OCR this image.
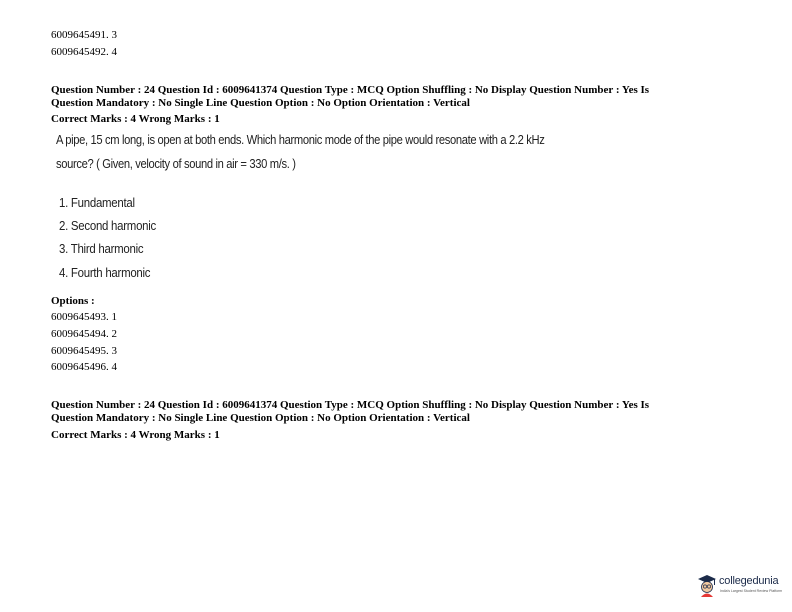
6009645491. 3
6009645492. 4
Question Number : 24 Question Id : 6009641374 Question Type : MCQ Option Shuffling : No Display Question Number : Yes Is
Question Mandatory : No Single Line Question Option : No Option Orientation : Vertical
Correct Marks : 4 Wrong Marks : 1
A pipe, 15 cm long, is open at both ends. Which harmonic mode of the pipe would resonate with a 2.2 kHz
source? ( Given, velocity of sound in air = 330 m/s. )
1. Fundamental
2. Second harmonic
3. Third harmonic
4. Fourth harmonic
Options :
6009645493. 1
6009645494. 2
6009645495. 3
6009645496. 4
Question Number : 24 Question Id : 6009641374 Question Type : MCQ Option Shuffling : No Display Question Number : Yes Is
Question Mandatory : No Single Line Question Option : No Option Orientation : Vertical
Correct Marks : 4 Wrong Marks : 1
collegedunia
India's Largest Student Review Platform
